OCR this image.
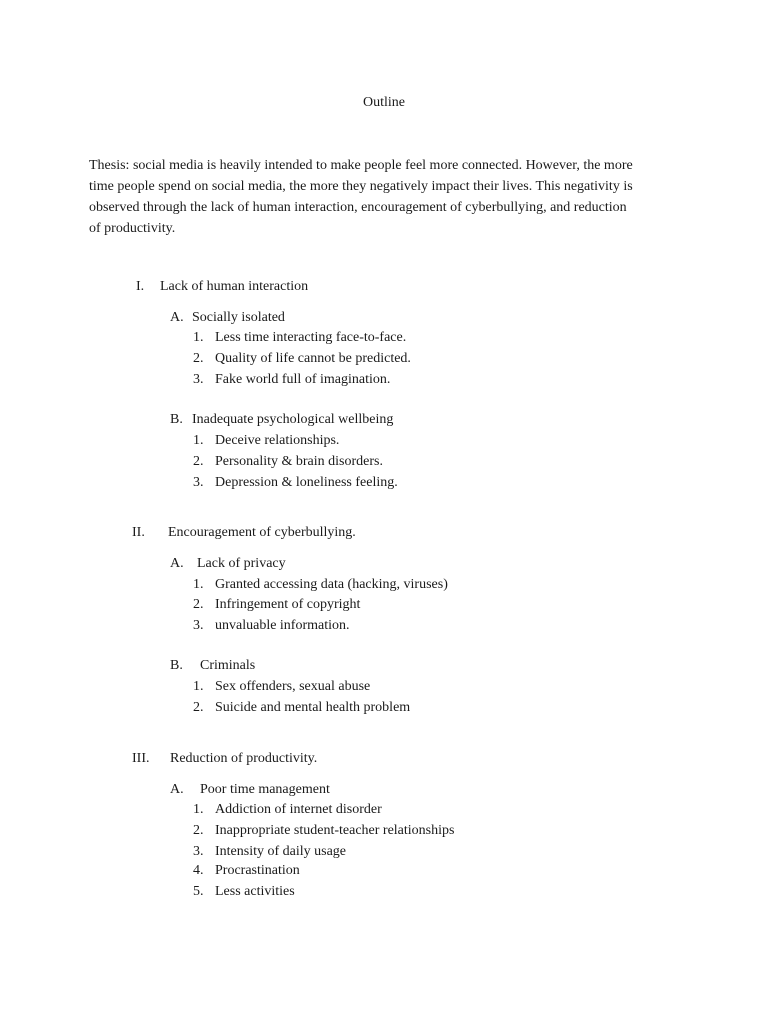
Outline
Thesis: social media is heavily intended to make people feel more connected. However, the more
time people spend on social media, the more they negatively impact their lives. This negativity is
observed through the lack of human interaction, encouragement of cyberbullying, and reduction
of productivity.
I. Lack of human interaction
A. Socially isolated
1. Less time interacting face-to-face.
2. Quality of life cannot be predicted.
3. Fake world full of imagination.
B. Inadequate psychological wellbeing
1. Deceive relationships.
2. Personality & brain disorders.
3. Depression & loneliness feeling.
II. Encouragement of cyberbullying.
A. Lack of privacy
1. Granted accessing data (hacking, viruses)
2. Infringement of copyright
3. unvaluable information.
B. Criminals
1. Sex offenders, sexual abuse
2. Suicide and mental health problem
III. Reduction of productivity.
A. Poor time management
1. Addiction of internet disorder
2. Inappropriate student-teacher relationships
3. Intensity of daily usage
4. Procrastination
5. Less activities
